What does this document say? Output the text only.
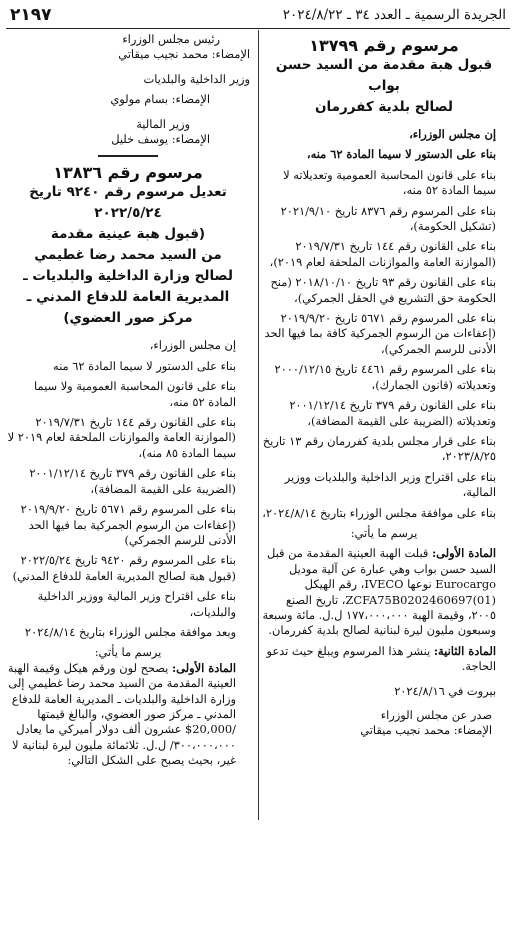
الجريدة الرسمية ـ العدد ٣٤ ـ ٢٠٢٤/٨/٢٢
٢١٩٧

مرسوم رقم ١٣٧٩٩

قبول هبة مقدمة من السيد حسن بواب

لصالح بلدية كفررمان

إن مجلس الوزراء،

بناء على الدستور لا سيما المادة ٦٢ منه،

بناء على قانون المحاسبة العمومية وتعديلاته لا سيما المادة ٥٢ منه،

بناء على المرسوم رقم ٨٣٧٦ تاريخ ٢٠٢١/٩/١٠ (تشكيل الحكومة)،

بناء على القانون رقم ١٤٤ تاريخ ٢٠١٩/٧/٣١ (الموازنة العامة والموازنات الملحقة لعام ٢٠١٩)،

بناء على القانون رقم ٩٣ تاريخ ٢٠١٨/١٠/١٠ (منح الحكومة حق التشريع في الحقل الجمركي)،

بناء على المرسوم رقم ٥٦٧١ تاريخ ٢٠١٩/٩/٢٠ (إعفاءات من الرسوم الجمركية كافة بما فيها الحد الأدنى للرسم الجمركي)،

بناء على المرسوم رقم ٤٤٦١ تاريخ ٢٠٠٠/١٢/١٥ وتعديلاته (قانون الجمارك)،

بناء على القانون رقم ٣٧٩ تاريخ ٢٠٠١/١٢/١٤ وتعديلاته (الضريبة على القيمة المضافة)،

بناء على قرار مجلس بلدية كفررمان رقم ١٣ تاريخ ٢٠٢٣/٨/٢٥،

بناء على اقتراح وزير الداخلية والبلديات ووزير المالية،

بناء على موافقة مجلس الوزراء بتاريخ ٢٠٢٤/٨/١٤،

يرسم ما يأتي:

المادة الأولى: قبلت الهبة العينية المقدمة من قبل السيد حسن بواب وهي عبارة عن آلية موديل Eurocargo نوعها IVECO، رقم الهيكل ZCFA75B0202460697(01)، تاريخ الصنع ٢٠٠٥، وقيمة الهبة ١٧٧،٠٠٠،٠٠٠ ل.ل. مائة وسبعة وسبعون مليون ليرة لبنانية لصالح بلدية كفررمان.

المادة الثانية: ينشر هذا المرسوم ويبلغ حيث تدعو الحاجة.

بيروت في ٢٠٢٤/٨/١٦

صدر عن مجلس الوزراء

الإمضاء: محمد نجيب ميقاتي

رئيس مجلس الوزراء

الإمضاء: محمد نجيب ميقاتي

وزير الداخلية والبلديات

الإمضاء: بسام مولوي

وزير المالية

الإمضاء: يوسف خليل

مرسوم رقم ١٣٨٣٦

تعديل مرسوم رقم ٩٢٤٠ تاريخ ٢٠٢٢/٥/٢٤

(قبول هبة عينية مقدمة

من السيد محمد رضا غطيمي

لصالح وزارة الداخلية والبلديات ـ

المديرية العامة للدفاع المدني ـ

مركز صور العضوي)

إن مجلس الوزراء،

بناء على الدستور لا سيما المادة ٦٢ منه

بناء على قانون المحاسبة العمومية ولا سيما المادة ٥٢ منه،

بناء على القانون رقم ١٤٤ تاريخ ٢٠١٩/٧/٣١ (الموازنة العامة والموازنات الملحقة لعام ٢٠١٩ لا سيما المادة ٨٥ منه)،

بناء على القانون رقم ٣٧٩ تاريخ ٢٠٠١/١٢/١٤ (الضريبة على القيمة المضافة)،

بناء على المرسوم رقم ٥٦٧١ تاريخ ٢٠١٩/٩/٢٠ (إعفاءات من الرسوم الجمركية بما فيها الحد الأدنى للرسم الجمركي)

بناء على المرسوم رقم ٩٤٢٠ تاريخ ٢٠٢٢/٥/٢٤ (قبول هبة لصالح المديرية العامة للدفاع المدني)

بناء على اقتراح وزير المالية ووزير الداخلية والبلديات،

وبعد موافقة مجلس الوزراء بتاريخ ٢٠٢٤/٨/١٤

يرسم ما يأتي:

المادة الأولى: يصحح لون ورقم هيكل وقيمة الهبة العينية المقدمة من السيد محمد رضا غطيمي إلى وزارة الداخلية والبلديات ـ المديرية العامة للدفاع المدني ـ مركز صور العضوي، والبالغ قيمتها ‎$20,000/‎ عشرون ألف دولار أميركي ما يعادل ٣٠٠،٠٠٠،٠٠٠/ ل.ل. ثلاثمائة مليون ليرة لبنانية لا غير، بحيث يصبح على الشكل التالي:
